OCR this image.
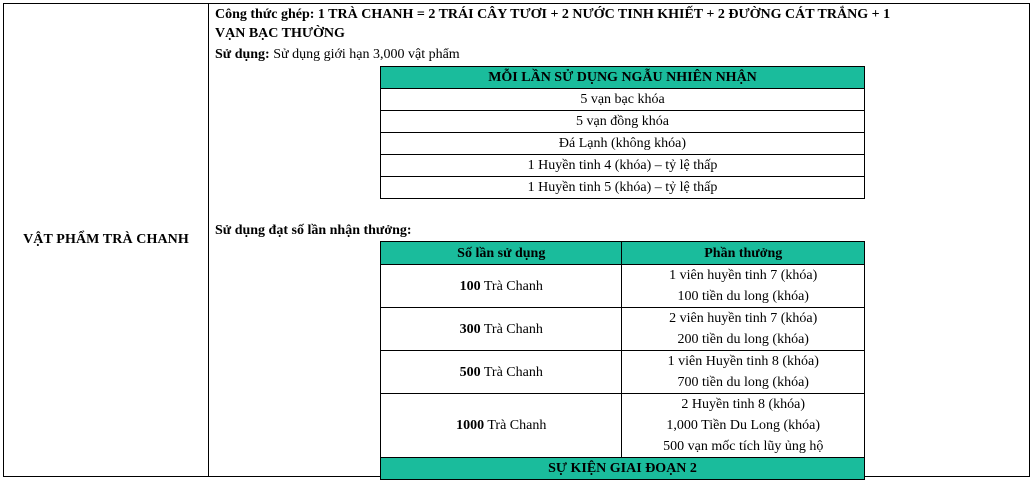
VẬT PHẨM TRÀ CHANH
Công thức ghép: 1 TRÀ CHANH = 2 TRÁI CÂY TƯƠI + 2 NƯỚC TINH KHIẾT + 2 ĐƯỜNG CÁT TRẮNG + 1
VẠN BẠC THƯỜNG
Sử dụng: Sử dụng giới hạn 3,000 vật phẩm
MỖI LẦN SỬ DỤNG NGẪU NHIÊN NHẬN
5 vạn bạc khóa
5 vạn đồng khóa
Đá Lạnh (không khóa)
1 Huyền tinh 4 (khóa) – tỷ lệ thấp
1 Huyền tinh 5 (khóa) – tỷ lệ thấp
Sử dụng đạt số lần nhận thưởng:
Số lần sử dụng	Phần thưởng
100 Trà Chanh	1 viên huyền tinh 7 (khóa)
100 tiền du long (khóa)

300 Trà Chanh	2 viên huyền tinh 7 (khóa)
200 tiền du long (khóa)

500 Trà Chanh	1 viên Huyền tinh 8 (khóa)
700 tiền du long (khóa)

1000 Trà Chanh	2 Huyền tinh 8 (khóa)
1,000 Tiền Du Long (khóa)
500 vạn mốc tích lũy ủng hộ

SỰ KIỆN GIAI ĐOẠN 2	
